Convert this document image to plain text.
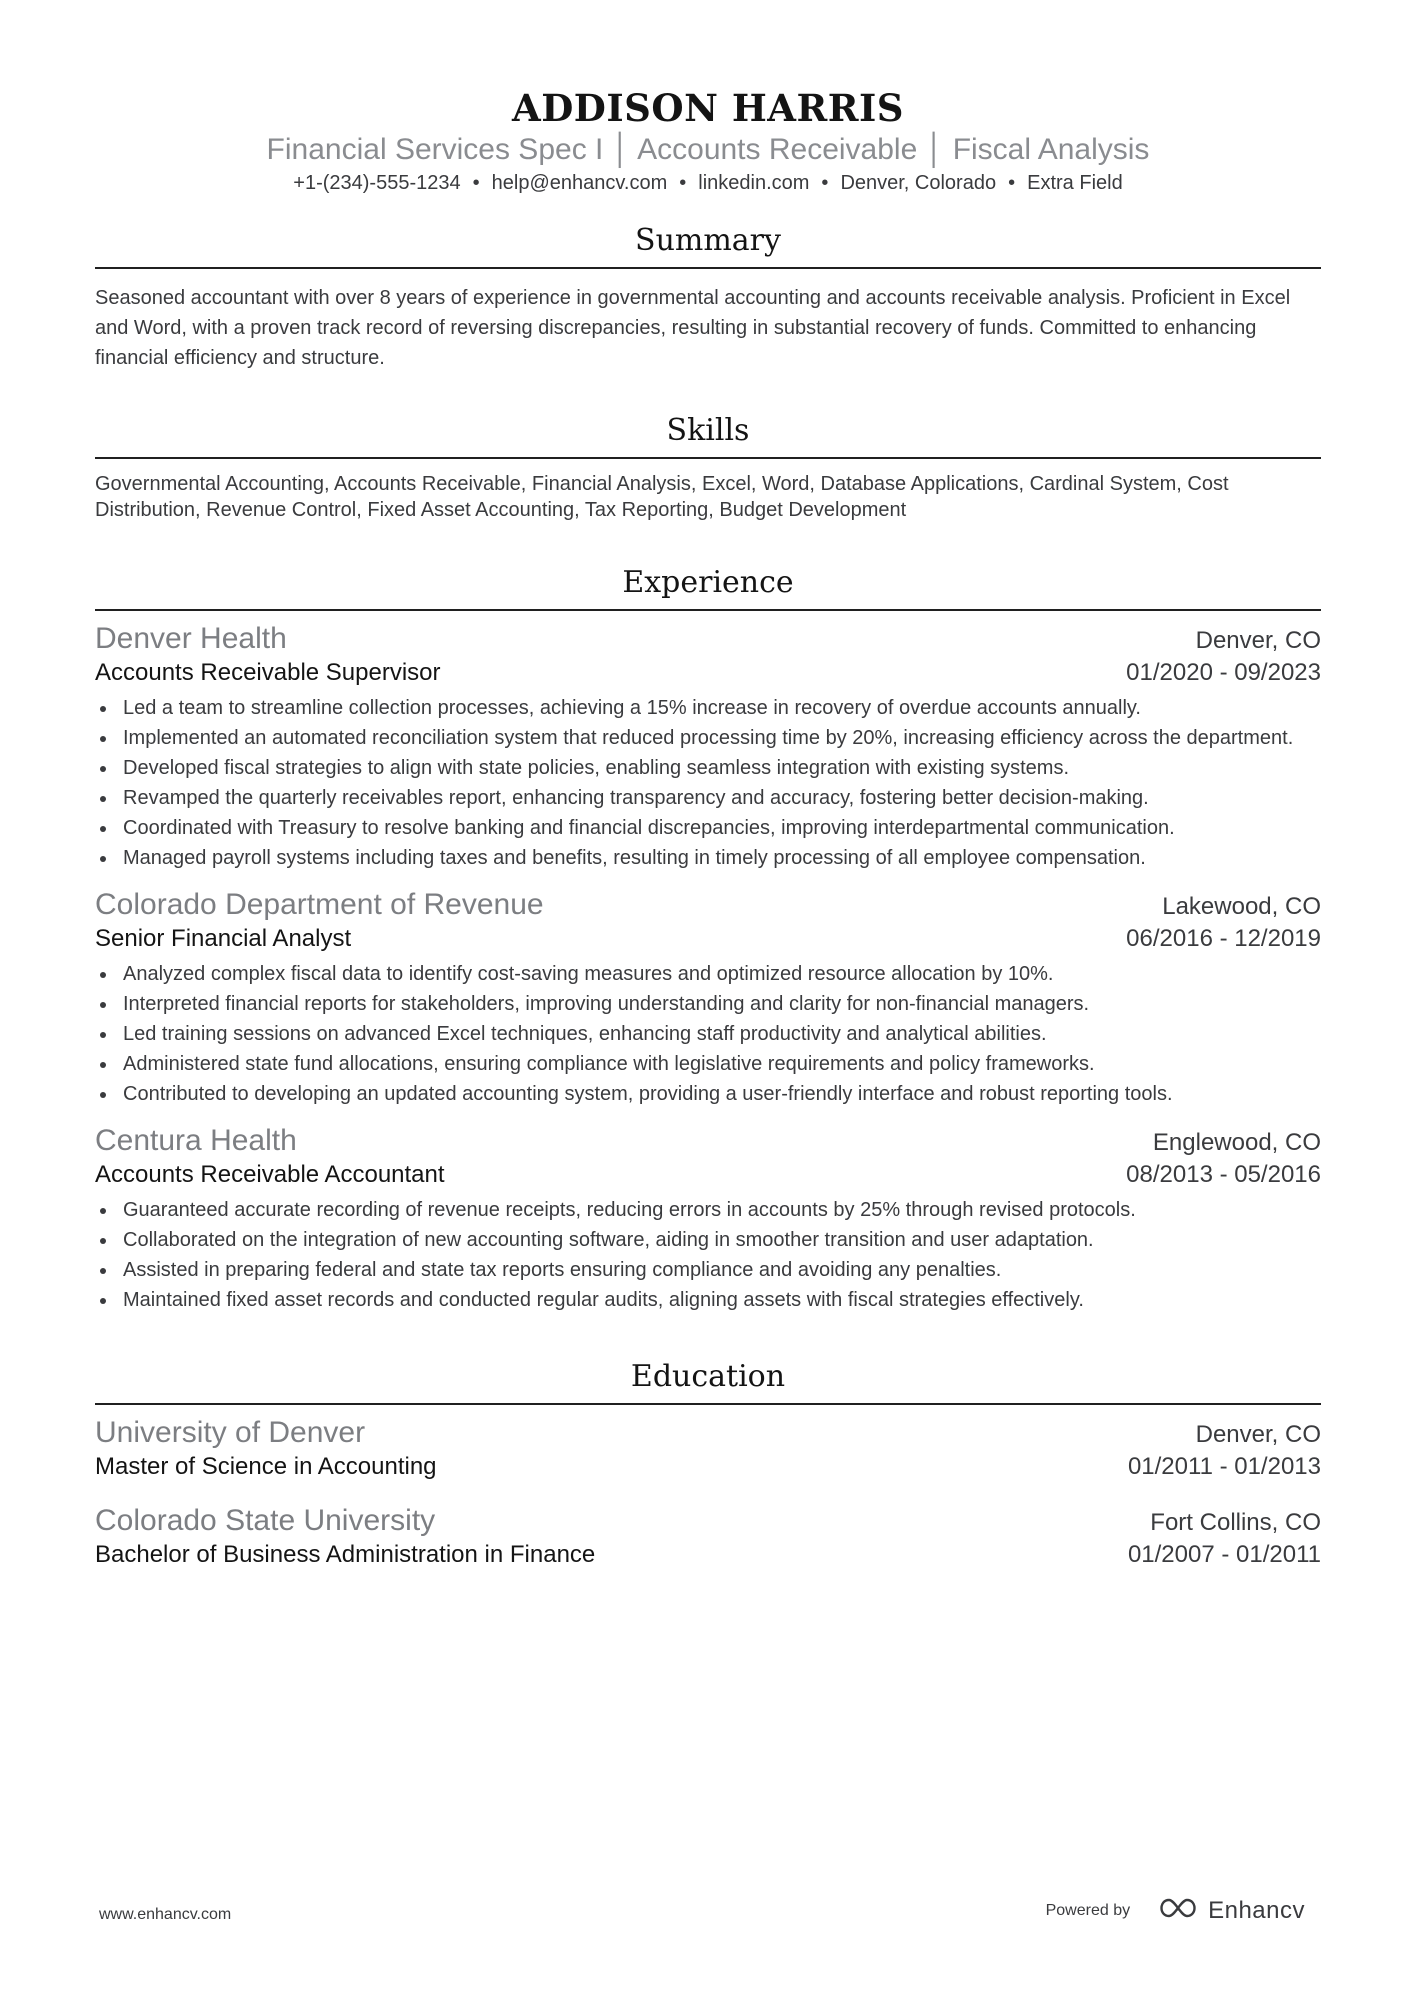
ADDISON HARRIS
Financial Services Spec I │ Accounts Receivable │ Fiscal Analysis
+1-(234)-555-1234 • help@enhancv.com • linkedin.com • Denver, Colorado • Extra Field
Summary
Seasoned accountant with over 8 years of experience in governmental accounting and accounts receivable analysis. Proficient in Excel and Word, with a proven track record of reversing discrepancies, resulting in substantial recovery of funds. Committed to enhancing financial efficiency and structure.
Skills
Governmental Accounting, Accounts Receivable, Financial Analysis, Excel, Word, Database Applications, Cardinal System, Cost Distribution, Revenue Control, Fixed Asset Accounting, Tax Reporting, Budget Development
Experience
Denver Health	Denver, CO
Accounts Receivable Supervisor	01/2020 - 09/2023
Led a team to streamline collection processes, achieving a 15% increase in recovery of overdue accounts annually.
Implemented an automated reconciliation system that reduced processing time by 20%, increasing efficiency across the department.
Developed fiscal strategies to align with state policies, enabling seamless integration with existing systems.
Revamped the quarterly receivables report, enhancing transparency and accuracy, fostering better decision-making.
Coordinated with Treasury to resolve banking and financial discrepancies, improving interdepartmental communication.
Managed payroll systems including taxes and benefits, resulting in timely processing of all employee compensation.
Colorado Department of Revenue	Lakewood, CO
Senior Financial Analyst	06/2016 - 12/2019
Analyzed complex fiscal data to identify cost-saving measures and optimized resource allocation by 10%.
Interpreted financial reports for stakeholders, improving understanding and clarity for non-financial managers.
Led training sessions on advanced Excel techniques, enhancing staff productivity and analytical abilities.
Administered state fund allocations, ensuring compliance with legislative requirements and policy frameworks.
Contributed to developing an updated accounting system, providing a user-friendly interface and robust reporting tools.
Centura Health	Englewood, CO
Accounts Receivable Accountant	08/2013 - 05/2016
Guaranteed accurate recording of revenue receipts, reducing errors in accounts by 25% through revised protocols.
Collaborated on the integration of new accounting software, aiding in smoother transition and user adaptation.
Assisted in preparing federal and state tax reports ensuring compliance and avoiding any penalties.
Maintained fixed asset records and conducted regular audits, aligning assets with fiscal strategies effectively.
Education
University of Denver	Denver, CO
Master of Science in Accounting	01/2011 - 01/2013
Colorado State University	Fort Collins, CO
Bachelor of Business Administration in Finance	01/2007 - 01/2011
www.enhancv.com	Powered by	Enhancv
